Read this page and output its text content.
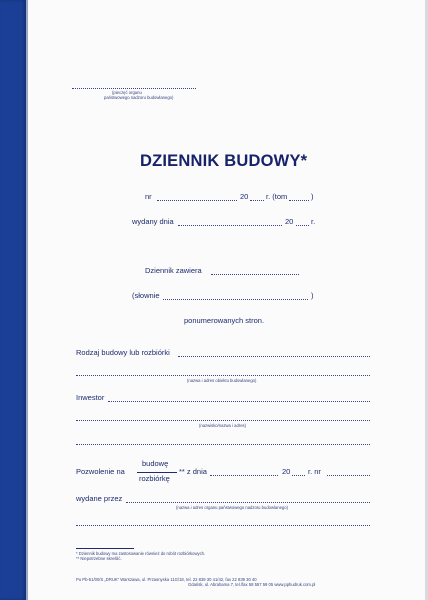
(pieczęć organu
państwowego nadzoru budowlanego)
DZIENNIK BUDOWY*
nr	20 r. (tom	)
wydany dnia	20 r.
Dziennik zawiera
(słownie	)
ponumerowanych stron.
Rodzaj budowy lub rozbiórki
(nazwa i adres obiektu budowlanego)
Inwestor
(nazwisko/nazwa i adres)
budowę
Pozwolenie na
rozbiórkę
** z dnia	20 r. nr
wydane przez
(nazwa i adres organu państwowego nadzoru budowlanego)
* Dziennik budowy ma zastosowanie również do robót rozbiórkowych.
** Niepotrzebne skreślić.
Pu Pb-51/00/S „DRUK” Warszawa, ul. Przasnyska 11G/18, tel. 22 839 30 41/42, fax 22 839 30 40
Gdańsk, ul. Abrahama 7, tel./fax 58 557 59 05 www.pphudruk.com.pl
